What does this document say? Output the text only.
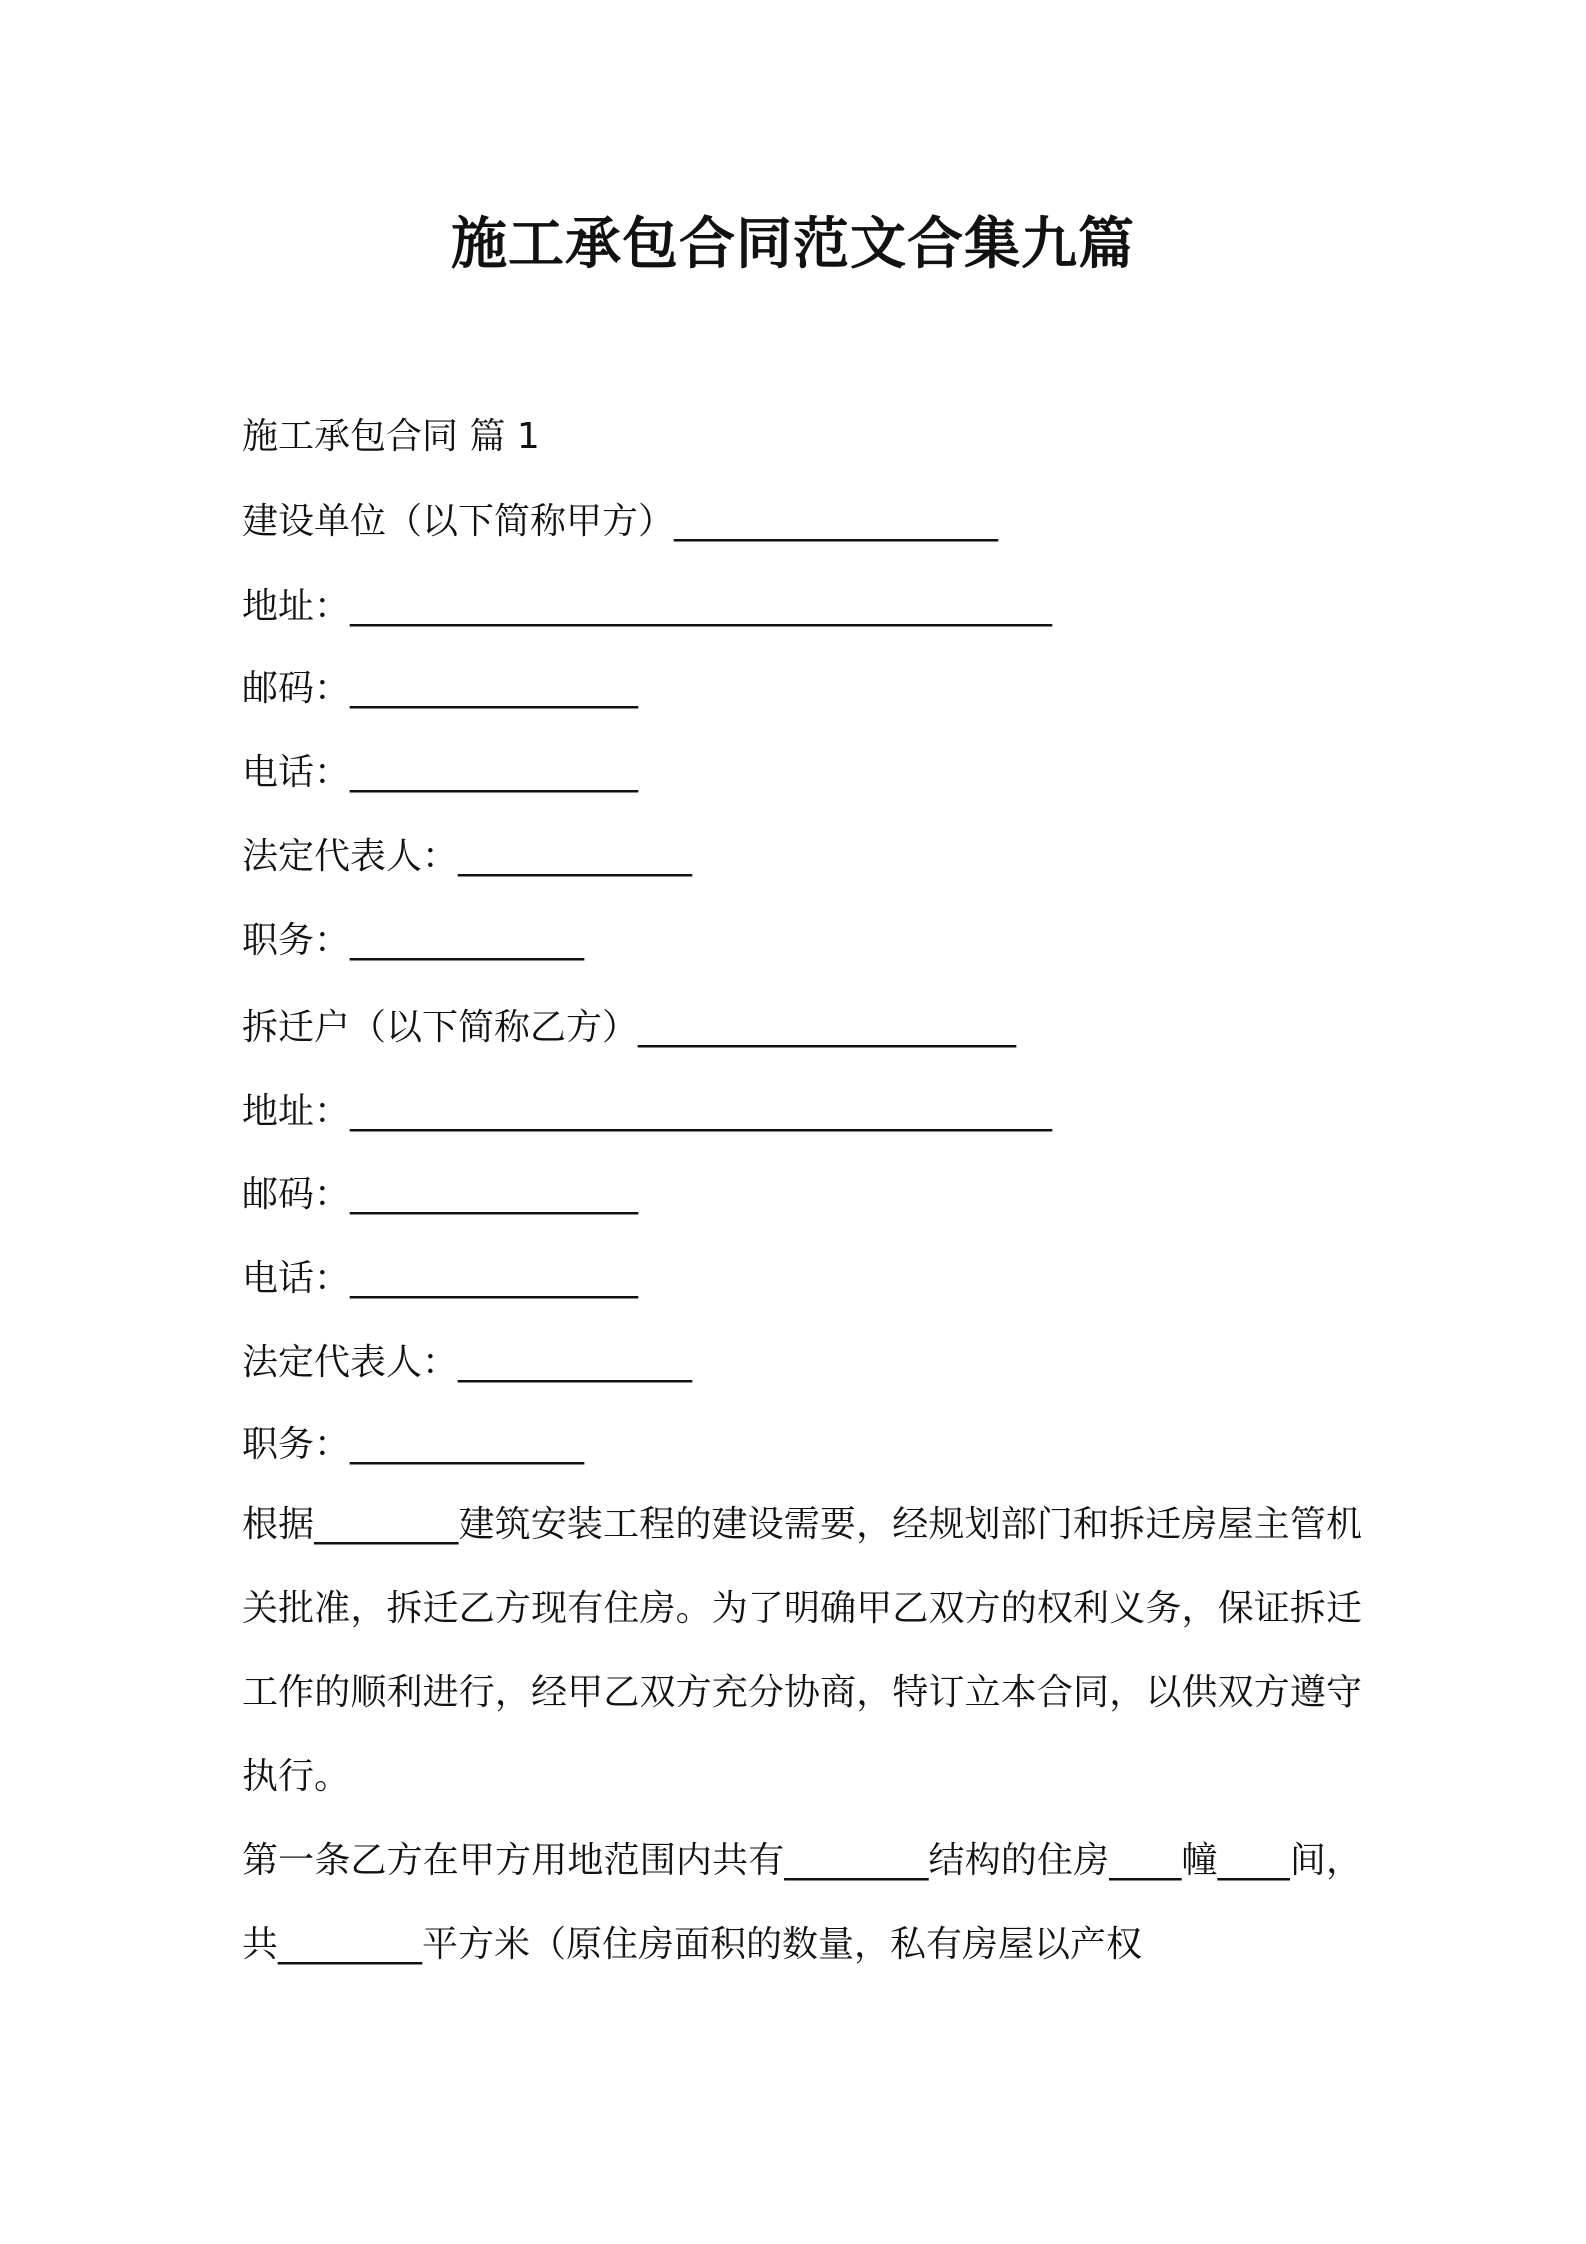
施工承包合同范文合集九篇
施工承包合同 篇 1
建设单位（以下简称甲方）__________________
地址：_______________________________________
邮码：________________
电话：________________
法定代表人：_____________
职务：_____________
拆迁户（以下简称乙方）_____________________
地址：_______________________________________
邮码：________________
电话：________________
法定代表人：_____________
职务：_____________

根据________建筑安装工程的建设需要，经规划部门和拆迁房屋主管机关批准，拆迁乙方现有住房。为了明确甲乙双方的权利义务，保证拆迁工作的顺利进行，经甲乙双方充分协商，特订立本合同，以供双方遵守执行。

第一条乙方在甲方用地范围内共有________结构的住房____幢____间，共________平方米（原住房面积的数量，私有房屋以产权
